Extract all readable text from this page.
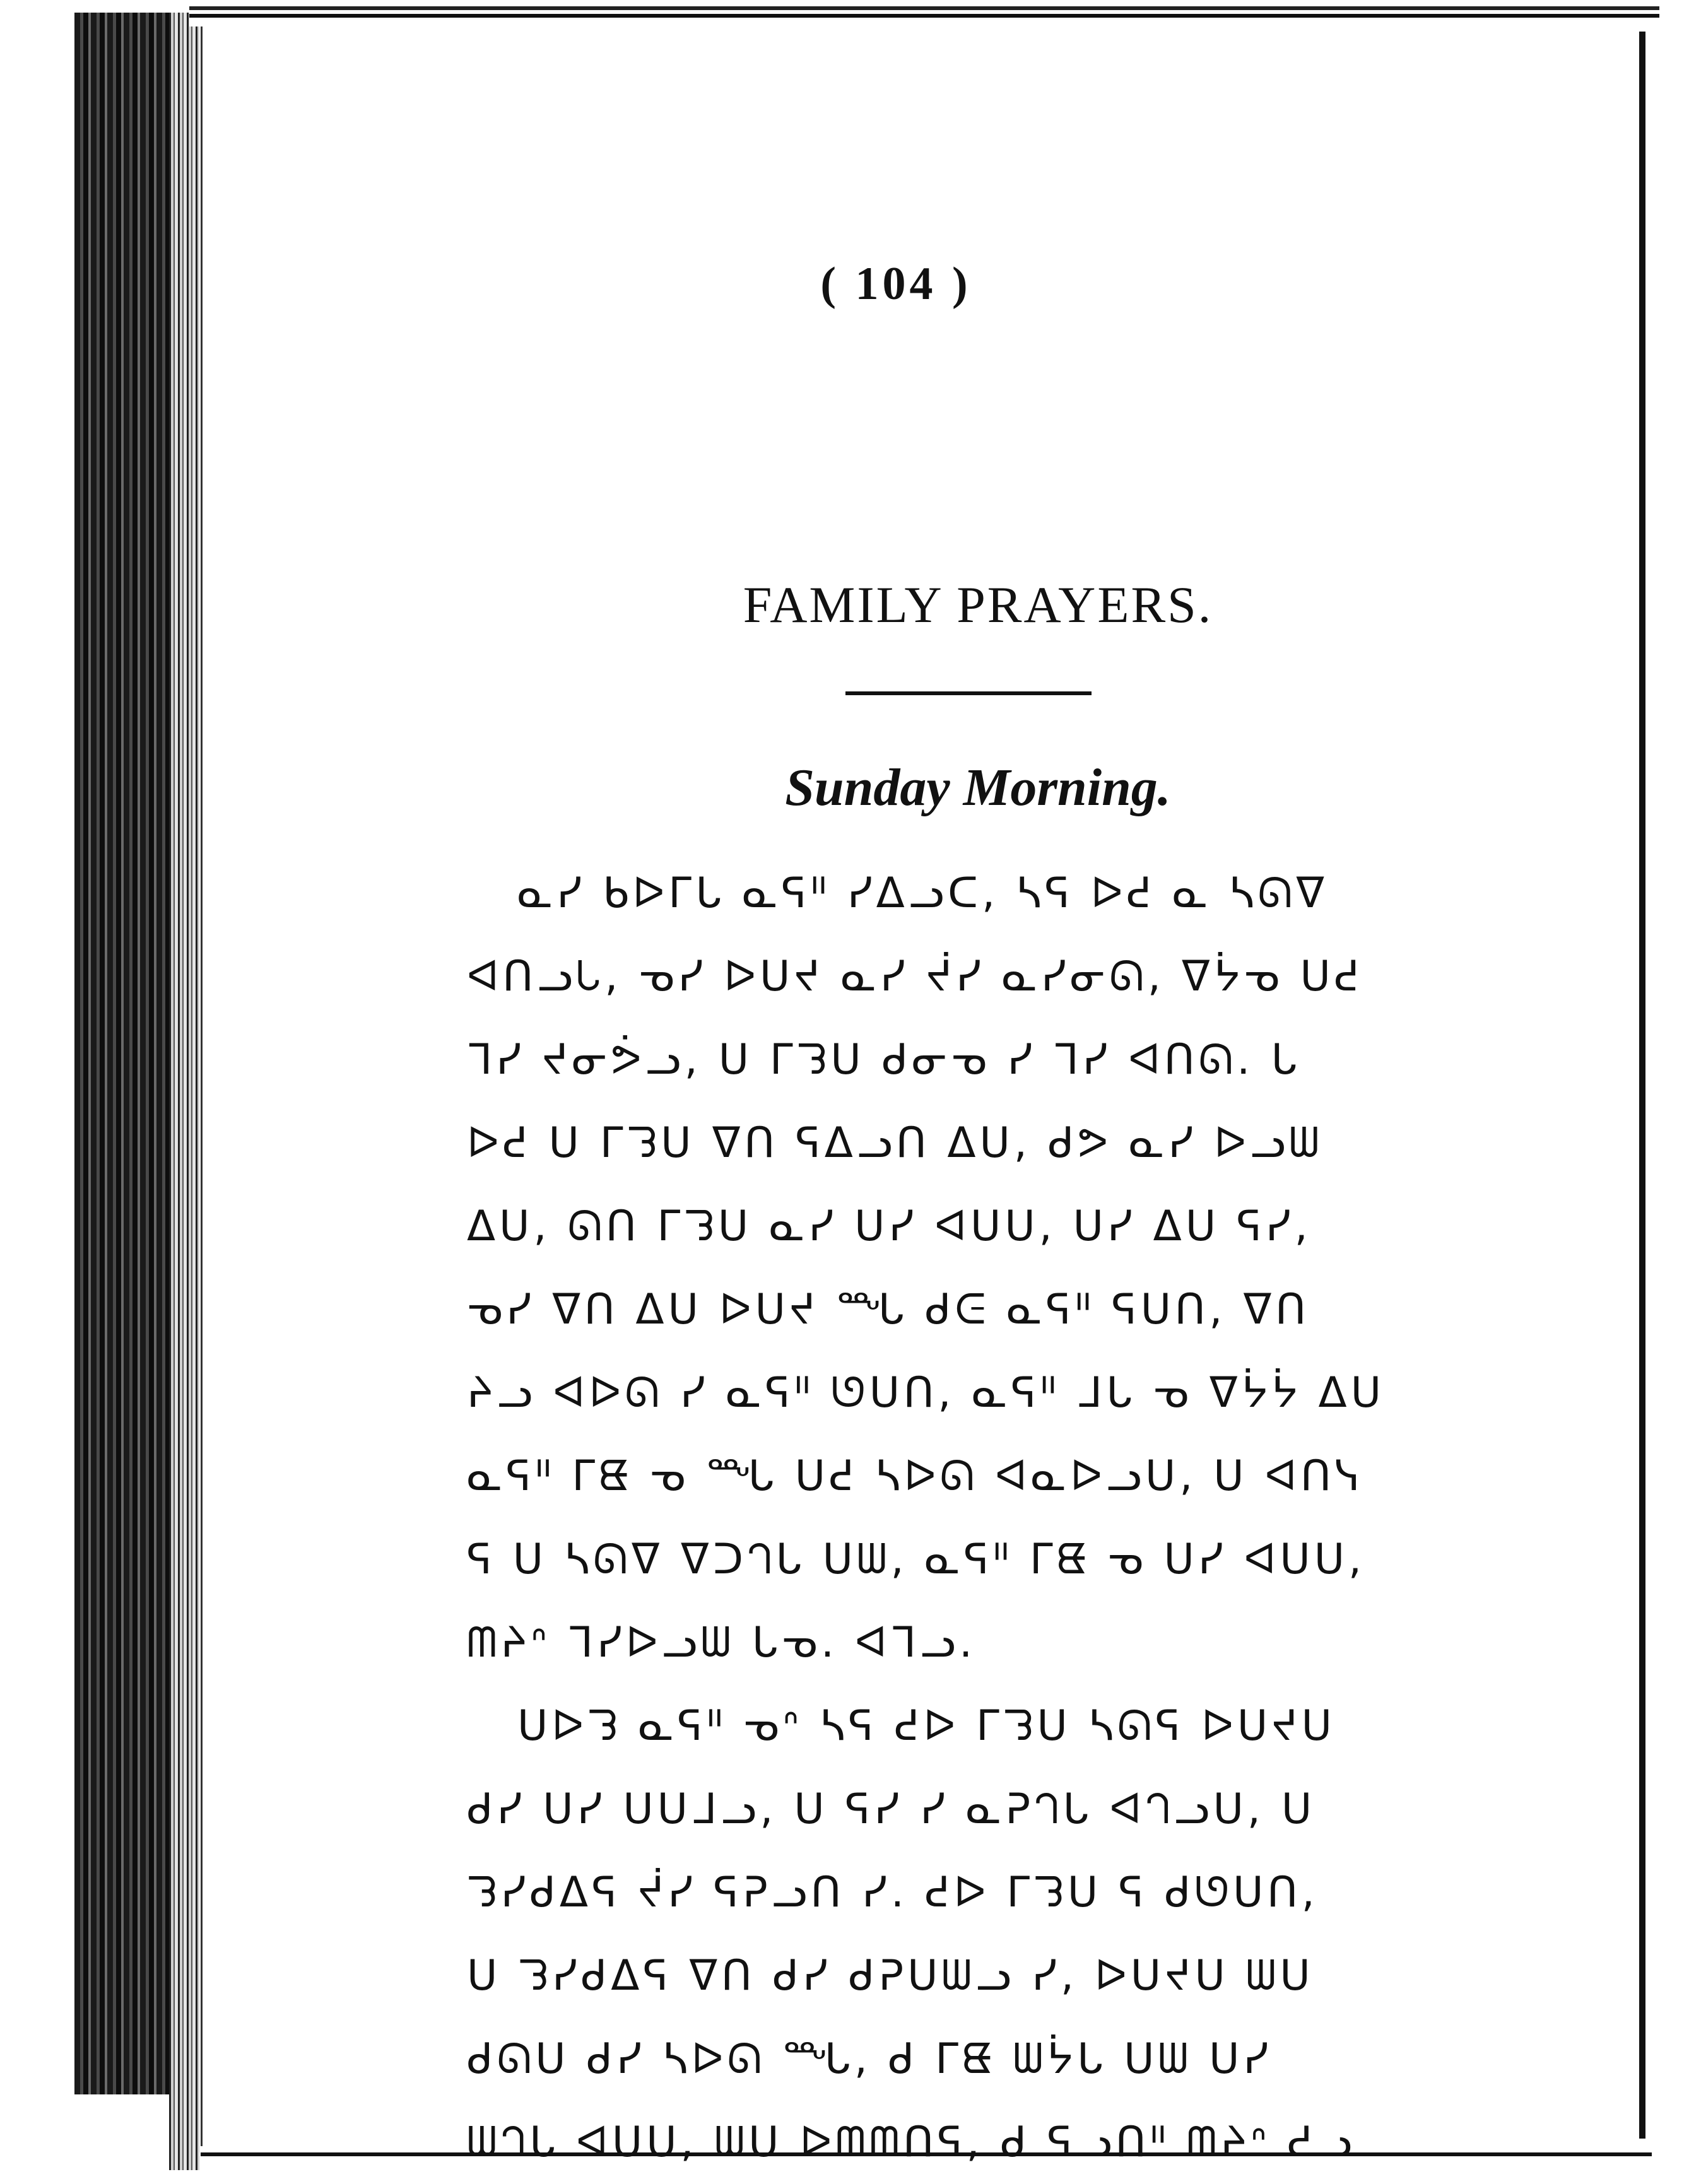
( 104 )
FAMILY PRAYERS.
Sunday Morning.
ᓇᓯ ᑲᐅᒥᒐ ᓇᕋᐦ ᓯᐃᓗᑕ, ᓴᕋ ᐅᕍ ᓇ ᓴᘏᐁ
ᐊᑎᓗᘂ, ᓀᓯ ᐅᑌᔪ ᓇᓯ ᔫᓯ ᓇᓯᓂᘏ, ᐁᔮᓀ ᑌᕍ
ᒣᓯ ᔪᓂᕘᓗ, ᑌ ᒥᘊᑌ ᑯᓂᓀ ᓯ ᒣᓯ ᐊᑎᘏ. ᒐ
ᐅᕍ ᑌ ᒥᘊᑌ ᐁᑎ ᕋᐃᓗᑎ ᐃᑌ, ᑯᕗ ᓇᓯ ᐅᓗᗯ
ᐃᑌ, ᘏᑎ ᒥᘊᑌ ᓇᓯ ᑌᓯ ᐊᑌᑌ, ᑌᓯ ᐃᑌ ᕋᓯ,
ᓀᓯ ᐁᑎ ᐃᑌ ᐅᑌᔪ ᙵ ᑯᕮ ᓇᕋᐦ ᕋᑌᑎ, ᐁᑎ
ᔨᓗ ᐊᐅᘏ ᓯ ᓇᕋᐦ ᘎᑌᑎ, ᓇᕋᐦ ᒧᒐ ᓀ ᐁᔮᔮ ᐃᑌ
ᓇᕋᐦ ᒥᘀ ᓀ ᙵ ᑌᕍ ᓴᐅᘏ ᐊᓇᐅᓗᑌ, ᑌ ᐊᑎᓭ
ᕋ ᑌ ᓴᘏᐁ ᐁᑐᘃᒐ ᑌᗯ, ᓇᕋᐦ ᒥᘀ ᓀ ᑌᓯ ᐊᑌᑌ,
ᗰᔨᐢ ᒣᓯᐅᓗᗯ ᒐᓀ. ᐊᒣᓗ.
ᑌᐅᘊ ᓇᕋᐦ ᓀᐢ ᓴᕋ ᕍᐅ ᒥᘊᑌ ᓴᘏᕋ ᐅᑌᔪᑌ
ᑯᓯ ᑌᓯ ᑌᑌᒧᓗ, ᑌ ᕋᓯ ᓯ ᓇᕈᘃᒐ ᐊᘃᓗᑌ, ᑌ
ᘊᓯᑯᐃᕋ ᔫᓯ ᕋᕈᓗᑎ ᓯ. ᕍᐅ ᒥᘊᑌ ᕋ ᑯᘎᑌᑎ,
ᑌ ᘊᓯᑯᐃᕋ ᐁᑎ ᑯᓯ ᑯᕈᑌᗯᓗ ᓯ, ᐅᑌᔪᑌ ᗯᑌ
ᑯᘏᑌ ᑯᓯ ᓴᐅᘏ ᙵ, ᑯ ᒥᘀ ᗯᔮᒐ ᑌᗯ ᑌᓯ
ᗯᘃᒐ ᐊᑌᑌ, ᗯᑌ ᐅᗰᗰᑎᕋ, ᑯ ᕋᓗᑎᐦ ᗰᔨᐢ ᕍᓗ
